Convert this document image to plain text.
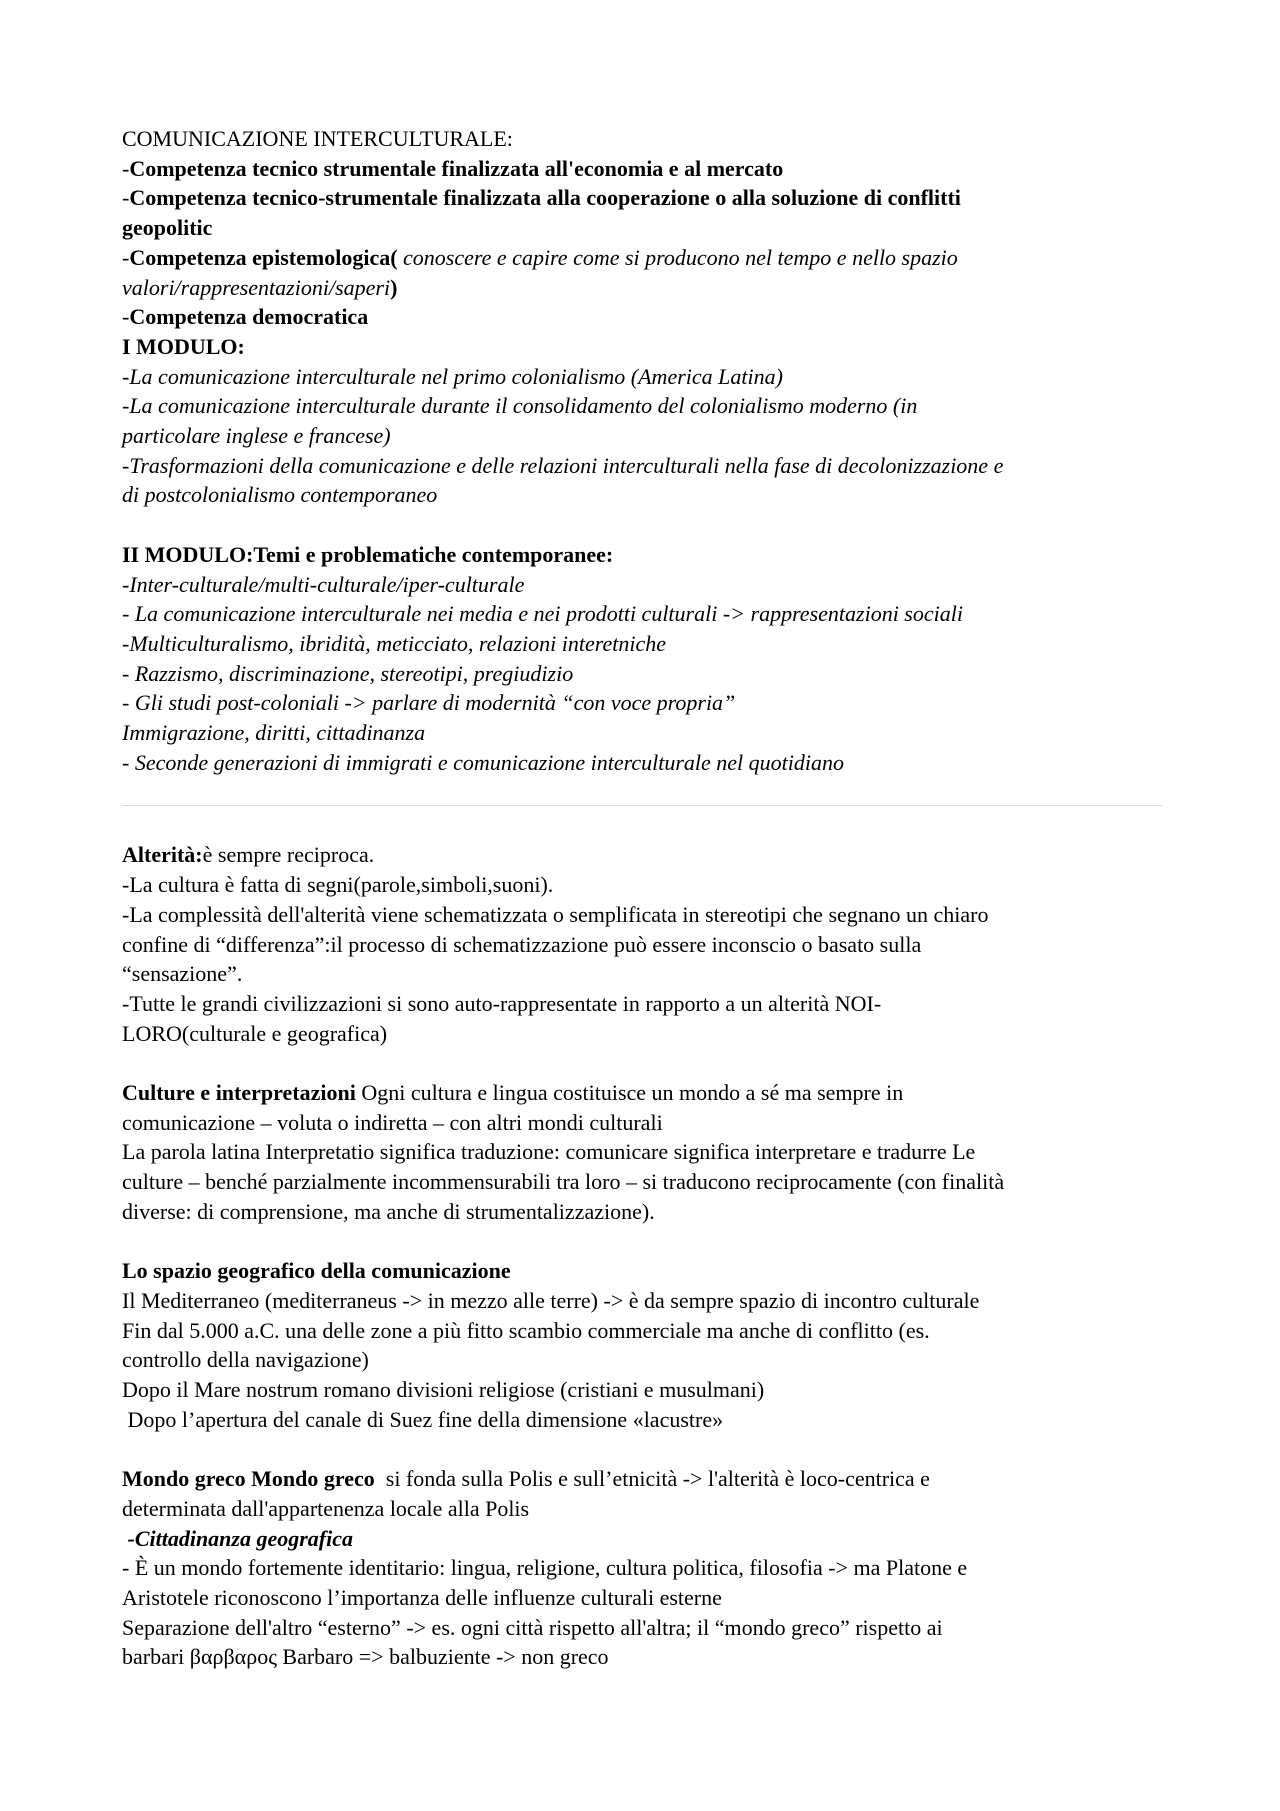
COMUNICAZIONE INTERCULTURALE:
-Competenza tecnico strumentale finalizzata all'economia e al mercato
-Competenza tecnico-strumentale finalizzata alla cooperazione o alla soluzione di conflitti
geopolitic
-Competenza epistemologica( conoscere e capire come si producono nel tempo e nello spazio
valori/rappresentazioni/saperi)
-Competenza democratica
I MODULO:
-La comunicazione interculturale nel primo colonialismo (America Latina)
-La comunicazione interculturale durante il consolidamento del colonialismo moderno (in
particolare inglese e francese)
-Trasformazioni della comunicazione e delle relazioni interculturali nella fase di decolonizzazione e
di postcolonialismo contemporaneo
II MODULO:Temi e problematiche contemporanee:
-Inter-culturale/multi-culturale/iper-culturale
- La comunicazione interculturale nei media e nei prodotti culturali -> rappresentazioni sociali
-Multiculturalismo, ibridità, meticciato, relazioni interetniche
- Razzismo, discriminazione, stereotipi, pregiudizio
- Gli studi post-coloniali -> parlare di modernità “con voce propria”
Immigrazione, diritti, cittadinanza
- Seconde generazioni di immigrati e comunicazione interculturale nel quotidiano
Alterità:è sempre reciproca.
-La cultura è fatta di segni(parole,simboli,suoni).
-La complessità dell'alterità viene schematizzata o semplificata in stereotipi che segnano un chiaro
confine di “differenza”:il processo di schematizzazione può essere inconscio o basato sulla
“sensazione”.
-Tutte le grandi civilizzazioni si sono auto-rappresentate in rapporto a un alterità NOI-
LORO(culturale e geografica)
Culture e interpretazioni Ogni cultura e lingua costituisce un mondo a sé ma sempre in
comunicazione – voluta o indiretta – con altri mondi culturali
La parola latina Interpretatio significa traduzione: comunicare significa interpretare e tradurre Le
culture – benché parzialmente incommensurabili tra loro – si traducono reciprocamente (con finalità
diverse: di comprensione, ma anche di strumentalizzazione).
Lo spazio geografico della comunicazione
Il Mediterraneo (mediterraneus -> in mezzo alle terre) -> è da sempre spazio di incontro culturale
Fin dal 5.000 a.C. una delle zone a più fitto scambio commerciale ma anche di conflitto (es.
controllo della navigazione)
Dopo il Mare nostrum romano divisioni religiose (cristiani e musulmani)
Dopo l’apertura del canale di Suez fine della dimensione «lacustre»
Mondo greco Mondo greco  si fonda sulla Polis e sull’etnicità -> l'alterità è loco-centrica e
determinata dall'appartenenza locale alla Polis
-Cittadinanza geografica
- È un mondo fortemente identitario: lingua, religione, cultura politica, filosofia -> ma Platone e
Aristotele riconoscono l’importanza delle influenze culturali esterne
Separazione dell'altro “esterno” -> es. ogni città rispetto all'altra; il “mondo greco” rispetto ai
barbari βαρβαρος Barbaro => balbuziente -> non greco
